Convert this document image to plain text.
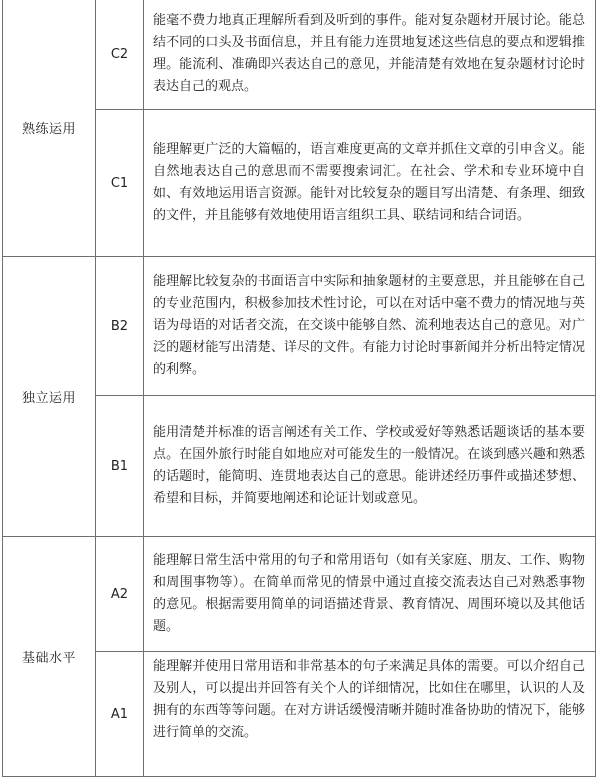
熟练运用	C2	能毫不费力地真正理解所看到及听到的事件。能对复杂题材开展讨论。能总结不同的口头及书面信息，并且有能力连贯地复述这些信息的要点和逻辑推理。能流利、准确即兴表达自己的意见，并能清楚有效地在复杂题材讨论时表达自己的观点。
	C1	能理解更广泛的大篇幅的，语言难度更高的文章并抓住文章的引申含义。能自然地表达自己的意思而不需要搜索词汇。在社会、学术和专业环境中自如、有效地运用语言资源。能针对比较复杂的题目写出清楚、有条理、细致的文件，并且能够有效地使用语言组织工具、联结词和结合词语。
独立运用	B2	能理解比较复杂的书面语言中实际和抽象题材的主要意思，并且能够在自己的专业范围内，积极参加技术性讨论，可以在对话中毫不费力的情况地与英语为母语的对话者交流，在交谈中能够自然、流利地表达自己的意见。对广泛的题材能写出清楚、详尽的文件。有能力讨论时事新闻并分析出特定情况的利弊。
	B1	能用清楚并标准的语言阐述有关工作、学校或爱好等熟悉话题谈话的基本要点。在国外旅行时能自如地应对可能发生的一般情况。在谈到感兴趣和熟悉的话题时，能简明、连贯地表达自己的意思。能讲述经历事件或描述梦想、希望和目标，并简要地阐述和论证计划或意见。
基础水平	A2	能理解日常生活中常用的句子和常用语句（如有关家庭、朋友、工作、购物和周围事物等）。在简单而常见的情景中通过直接交流表达自己对熟悉事物的意见。根据需要用简单的词语描述背景、教育情况、周围环境以及其他话题。
	A1	能理解并使用日常用语和非常基本的句子来满足具体的需要。可以介绍自己及别人，可以提出并回答有关个人的详细情况，比如住在哪里，认识的人及拥有的东西等等问题。在对方讲话缓慢清晰并随时准备协助的情况下，能够进行简单的交流。
